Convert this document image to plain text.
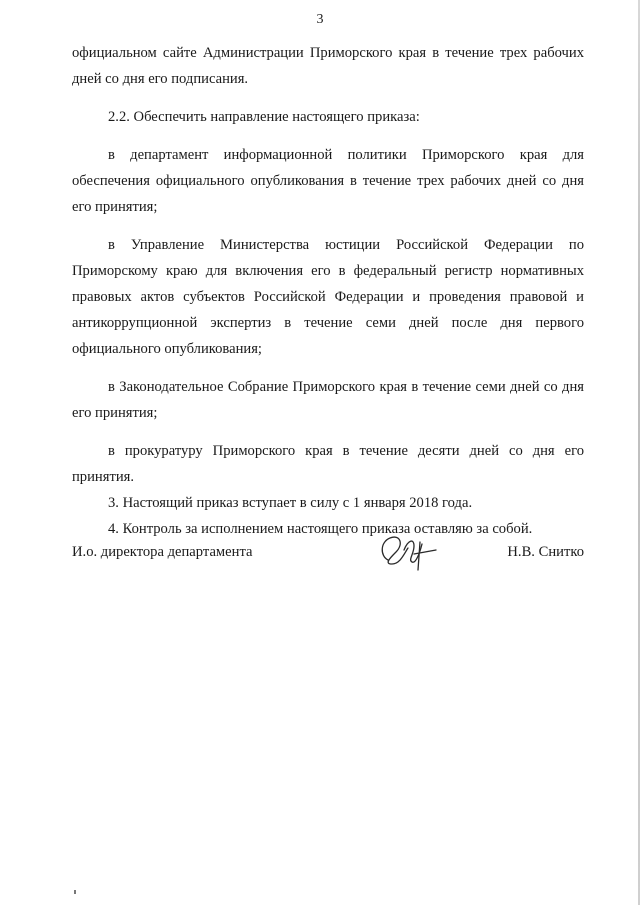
3

официальном сайте Администрации Приморского края в течение трех рабочих дней со дня его подписания.

2.2. Обеспечить направление настоящего приказа:

в департамент информационной политики Приморского края для обеспечения официального опубликования в течение трех рабочих дней со дня его принятия;

в Управление Министерства юстиции Российской Федерации по Приморскому краю для включения его в федеральный регистр нормативных правовых актов субъектов Российской Федерации и проведения правовой и антикоррупционной экспертиз в течение семи дней после дня первого официального опубликования;

в Законодательное Собрание Приморского края в течение семи дней со дня его принятия;

в прокуратуру Приморского края в течение десяти дней со дня его принятия.

3. Настоящий приказ вступает в силу с 1 января 2018 года.

4. Контроль за исполнением настоящего приказа оставляю за собой.

И.о. директора департамента	Н.В. Снитко
